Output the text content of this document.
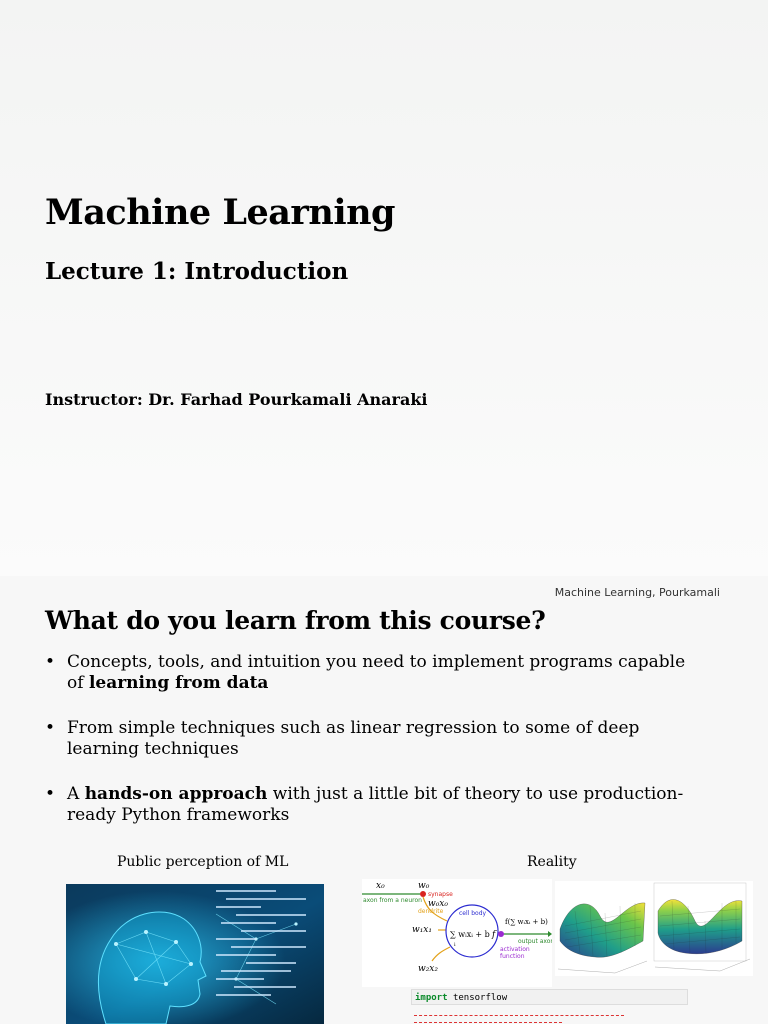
Machine Learning
Lecture 1: Introduction
Instructor: Dr. Farhad Pourkamali Anaraki
Machine Learning, Pourkamali
What do you learn from this course?
• Concepts, tools, and intuition you need to implement programs capable of learning from data
• From simple techniques such as linear regression to some of deep learning techniques
• A hands-on approach with just a little bit of theory to use production-ready Python frameworks
Public perception of ML	Reality
x₀	w₀
synapse
axon from a neuron w₀x₀
dendrite
w₁x₁
cell body
∑ wᵢxᵢ + b
i
f
f(∑ wᵢxᵢ + b)
output axon
activation
function
w₂x₂
import tensorflow
